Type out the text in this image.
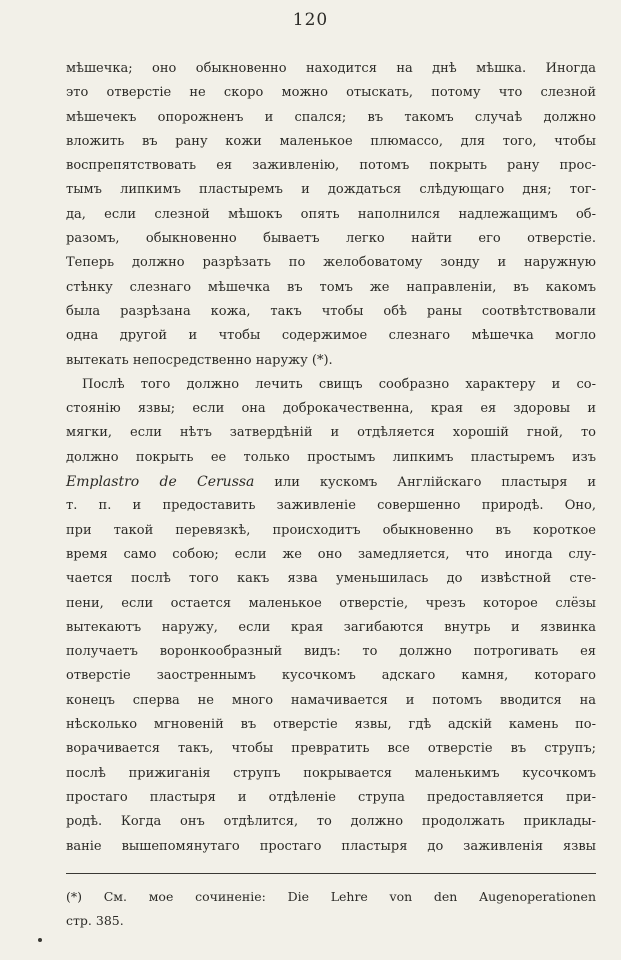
120
мѣшечка; оно обыкновенно находится на днѣ мѣшка. Иногда
это отверстіе не скоро можно отыскать, потому что слезной
мѣшечекъ опорожненъ и спался; въ такомъ случаѣ должно
вложить въ рану кожи маленькое плюмассо, для того, чтобы
воспрепятствовать ея заживленію, потомъ покрыть рану прос-
тымъ липкимъ пластыремъ и дождаться слѣдующаго дня; тог-
да, если слезной мѣшокъ опять наполнился надлежащимъ об-
разомъ, обыкновенно бываетъ легко найти его отверстіе.
Теперь должно разрѣзать по желобоватому зонду и наружную
стѣнку слезнаго мѣшечка въ томъ же направленіи, въ какомъ
была разрѣзана кожа, такъ чтобы обѣ раны соотвѣтствовали
одна другой и чтобы содержимое слезнаго мѣшечка могло
вытекать непосредственно наружу (*).
Послѣ того должно лечить свищъ сообразно характеру и со-
стоянію язвы; если она доброкачественна, края ея здоровы и
мягки, если нѣтъ затвердѣній и отдѣляется хорошій гной, то
должно покрыть ее только простымъ липкимъ пластыремъ изъ
Emplastro de Cerussa или кускомъ Англійскаго пластыря и
т. п. и предоставить заживленіе совершенно природѣ. Оно,
при такой перевязкѣ, происходитъ обыкновенно въ короткое
время само собою; если же оно замедляется, что иногда слу-
чается послѣ того какъ язва уменьшилась до извѣстной сте-
пени, если остается маленькое отверстіе, чрезъ которое слёзы
вытекаютъ наружу, если края загибаются внутрь и язвинка
получаетъ воронкообразный видъ: то должно потрогивать ея
отверстіе заостреннымъ кусочкомъ адскаго камня, котораго
конецъ сперва не много намачивается и потомъ вводится на
нѣсколько мгновеній въ отверстіе язвы, гдѣ адскій камень по-
ворачивается такъ, чтобы превратить все отверстіе въ струпъ;
послѣ прижиганія струпъ покрывается маленькимъ кусочкомъ
простаго пластыря и отдѣленіе струпа предоставляется при-
родѣ. Когда онъ отдѣлится, то должно продолжать приклады-
ваніе вышепомянутаго простаго пластыря до заживленія язвы
(*) См. мое сочиненіе: Die Lehre von den Augenoperationen
стр. 385.
